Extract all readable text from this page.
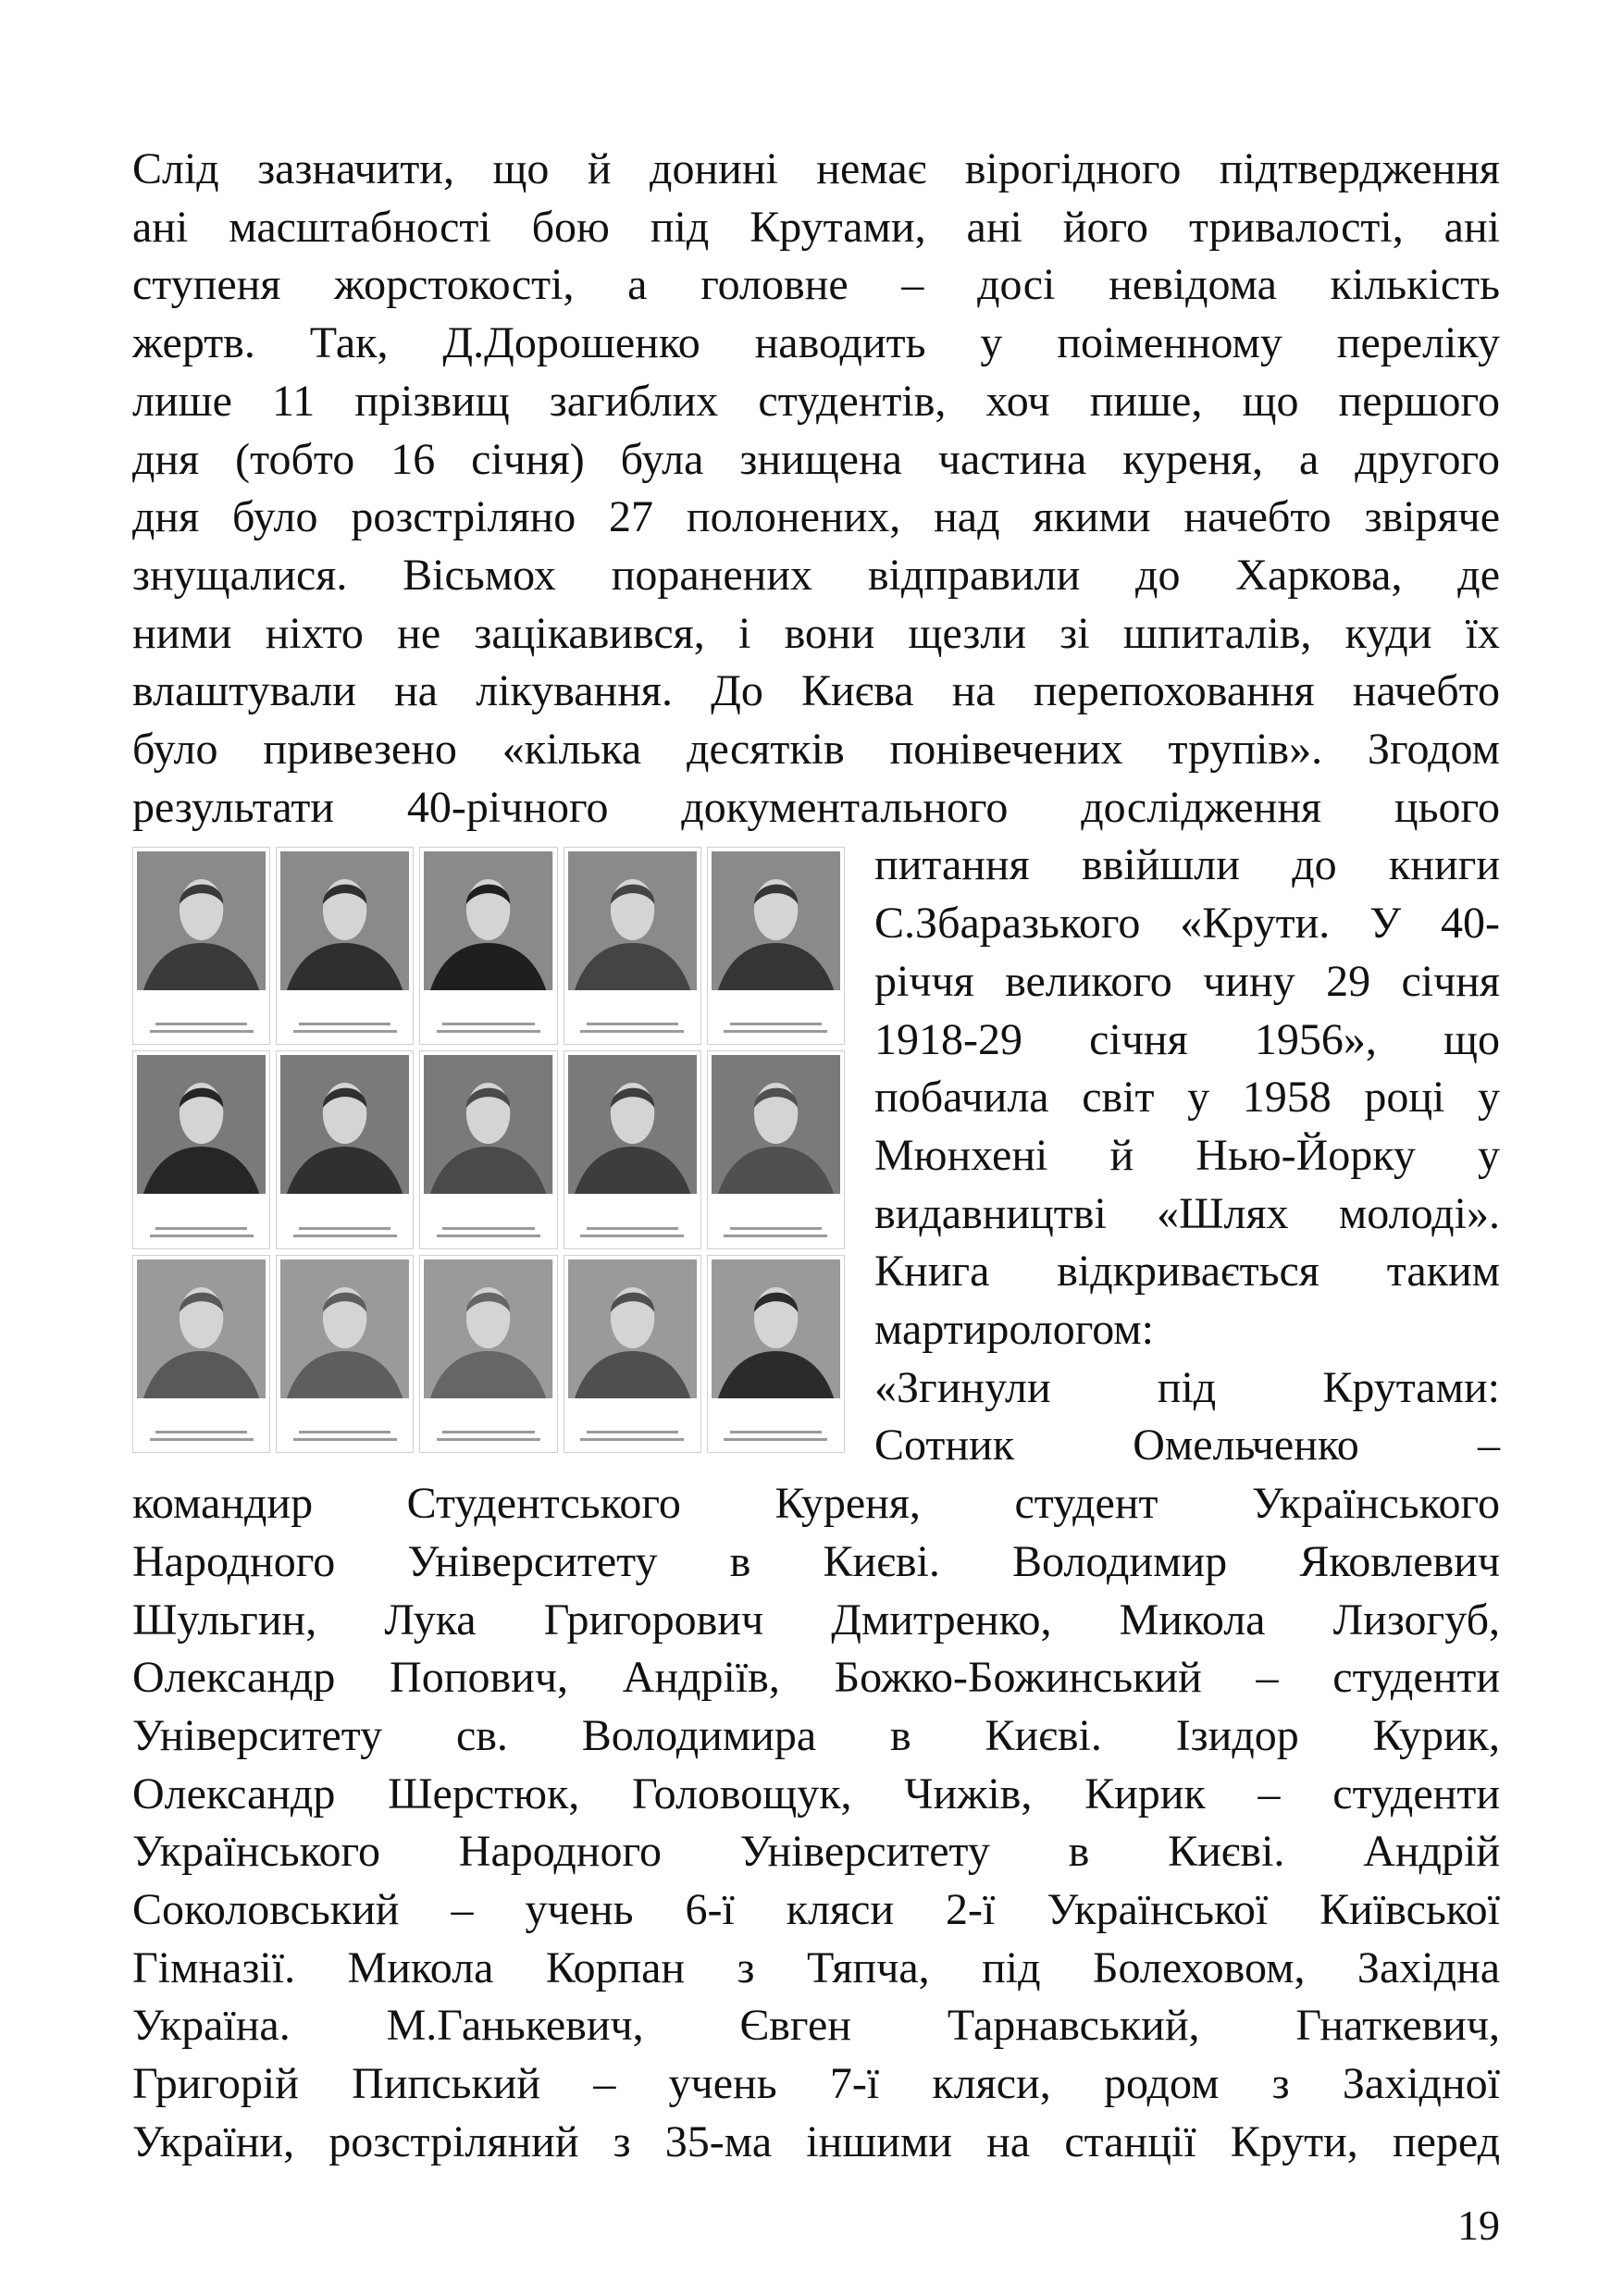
Слід зазначити, що й донині немає вірогідного підтвердження
ані масштабності бою під Крутами, ані його тривалості, ані
ступеня жорстокості, а головне – досі невідома кількість
жертв. Так, Д.Дорошенко наводить у поіменному переліку
лише 11 прізвищ загиблих студентів, хоч пише, що першого
дня (тобто 16 січня) була знищена частина куреня, а другого
дня було розстріляно 27 полонених, над якими начебто звіряче
знущалися. Вісьмох поранених відправили до Харкова, де
ними ніхто не зацікавився, і вони щезли зі шпиталів, куди їх
влаштували на лікування. До Києва на перепоховання начебто
було привезено «кілька десятків понівечених трупів». Згодом
результати 40-річного документального дослідження цього
питання ввійшли до книги
С.Збаразького «Крути. У 40-
річчя великого чину 29 січня
1918-29 січня 1956», що
побачила світ у 1958 році у
Мюнхені й Нью-Йорку у
видавництві «Шлях молоді».
Книга відкривається таким
мартирологом:
«Згинули під Крутами:
Сотник Омельченко –
командир Студентського Куреня, студент Українського
Народного Університету в Києві. Володимир Яковлевич
Шульгин, Лука Григорович Дмитренко, Микола Лизогуб,
Олександр Попович, Андріїв, Божко-Божинський – студенти
Університету св. Володимира в Києві. Ізидор Курик,
Олександр Шерстюк, Головощук, Чижів, Кирик – студенти
Українського Народного Університету в Києві. Андрій
Соколовський – учень 6-ї кляси 2-ї Української Київської
Гімназії. Микола Корпан з Тяпча, під Болеховом, Західна
Україна. М.Ганькевич, Євген Тарнавський, Гнаткевич,
Григорій Пипський – учень 7-ї кляси, родом з Західної
України, розстріляний з 35-ма іншими на станції Крути, перед
19
